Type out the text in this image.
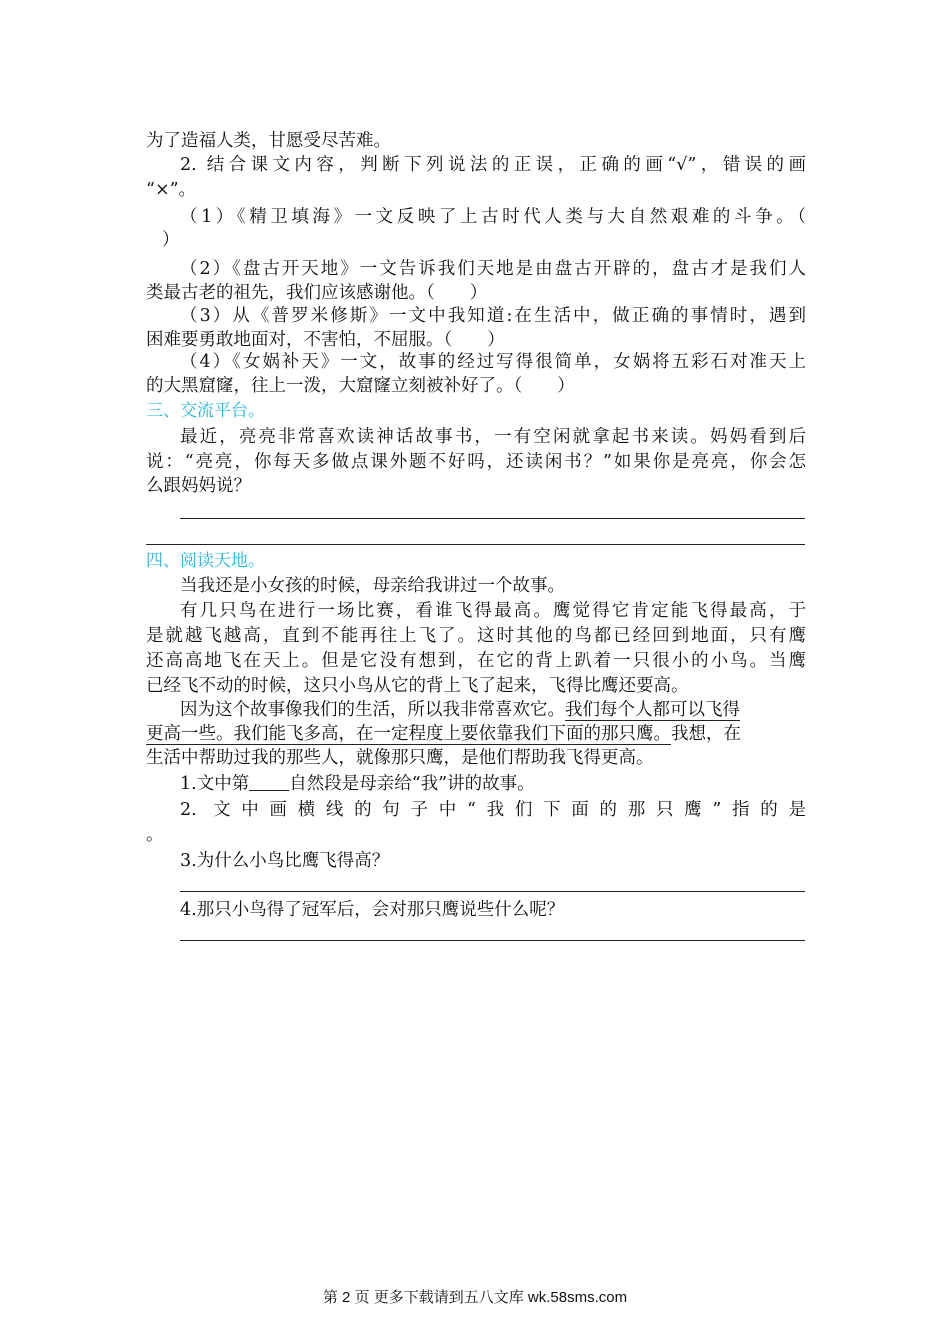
为了造福人类，甘愿受尽苦难。
2. 结合课文内容，判断下列说法的正误，正确的画“√”，错误的画
“×”。
（1）《精卫填海》一文反映了上古时代人类与大自然艰难的斗争。（
）
（2）《盘古开天地》一文告诉我们天地是由盘古开辟的，盘古才是我们人
类最古老的祖先，我们应该感谢他。（　　）
（3）从《普罗米修斯》一文中我知道:在生活中，做正确的事情时，遇到
困难要勇敢地面对，不害怕，不屈服。（　　）
（4）《女娲补天》一文，故事的经过写得很简单，女娲将五彩石对准天上
的大黑窟窿，往上一泼，大窟窿立刻被补好了。（　　）
三、交流平台。
最近，亮亮非常喜欢读神话故事书，一有空闲就拿起书来读。妈妈看到后
说：“亮亮，你每天多做点课外题不好吗，还读闲书？”如果你是亮亮，你会怎
么跟妈妈说？
四、阅读天地。
当我还是小女孩的时候，母亲给我讲过一个故事。
有几只鸟在进行一场比赛，看谁飞得最高。鹰觉得它肯定能飞得最高，于
是就越飞越高，直到不能再往上飞了。这时其他的鸟都已经回到地面，只有鹰
还高高地飞在天上。但是它没有想到，在它的背上趴着一只很小的小鸟。当鹰
已经飞不动的时候，这只小鸟从它的背上飞了起来，飞得比鹰还要高。
因为这个故事像我们的生活，所以我非常喜欢它。我们每个人都可以飞得
更高一些。我们能飞多高，在一定程度上要依靠我们下面的那只鹰。我想，在
生活中帮助过我的那些人，就像那只鹰，是他们帮助我飞得更高。
1.文中第 自然段是母亲给“我”讲的故事。
2. 文中画横线的句子中“我们下面的那只鹰”指的是
。
3.为什么小鸟比鹰飞得高？
4.那只小鸟得了冠军后，会对那只鹰说些什么呢？
第 2 页 更多下载请到五八文库 wk.58sms.com
